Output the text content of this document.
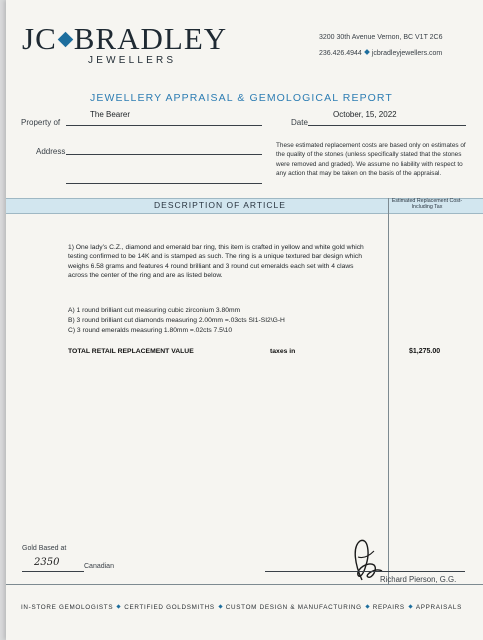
JC BRADLEY
JEWELLERS
3200 30th Avenue Vernon, BC V1T 2C6
236.426.4944 jcbradleyjewellers.com
JEWELLERY APPRAISAL & GEMOLOGICAL REPORT
Property of
The Bearer
Date
October, 15, 2022
Address
These estimated replacement costs are based only on estimates of the quality of the stones (unless specifically stated that the stones were removed and graded). We assume no liability with respect to any action that may be taken on the basis of the appraisal.
DESCRIPTION OF ARTICLE	Estimated Replacement Cost-Including Tax
1) One lady’s C.Z., diamond and emerald bar ring, this item is crafted in yellow and white gold which testing confirmed to be 14K and is stamped as such. The ring is a unique textured bar design which weighs 6.58 grams and features 4 round brilliant and 3 round cut emeralds each set with 4 claws across the center of the ring and are as listed below.
A) 1 round brilliant cut measuring cubic zirconium 3.80mm
B) 3 round brilliant cut diamonds measuring 2.00mm =.03cts SI1-SI2\G-H
C) 3 round emeralds measuring 1.80mm =.02cts 7.5\10
TOTAL RETAIL REPLACEMENT VALUE	taxes in	$1,275.00
Gold Based at
2350	Canadian
Richard Pierson, G.G.
IN-STORE GEMOLOGISTS CERTIFIED GOLDSMITHS CUSTOM DESIGN & MANUFACTURING REPAIRS APPRAISALS
